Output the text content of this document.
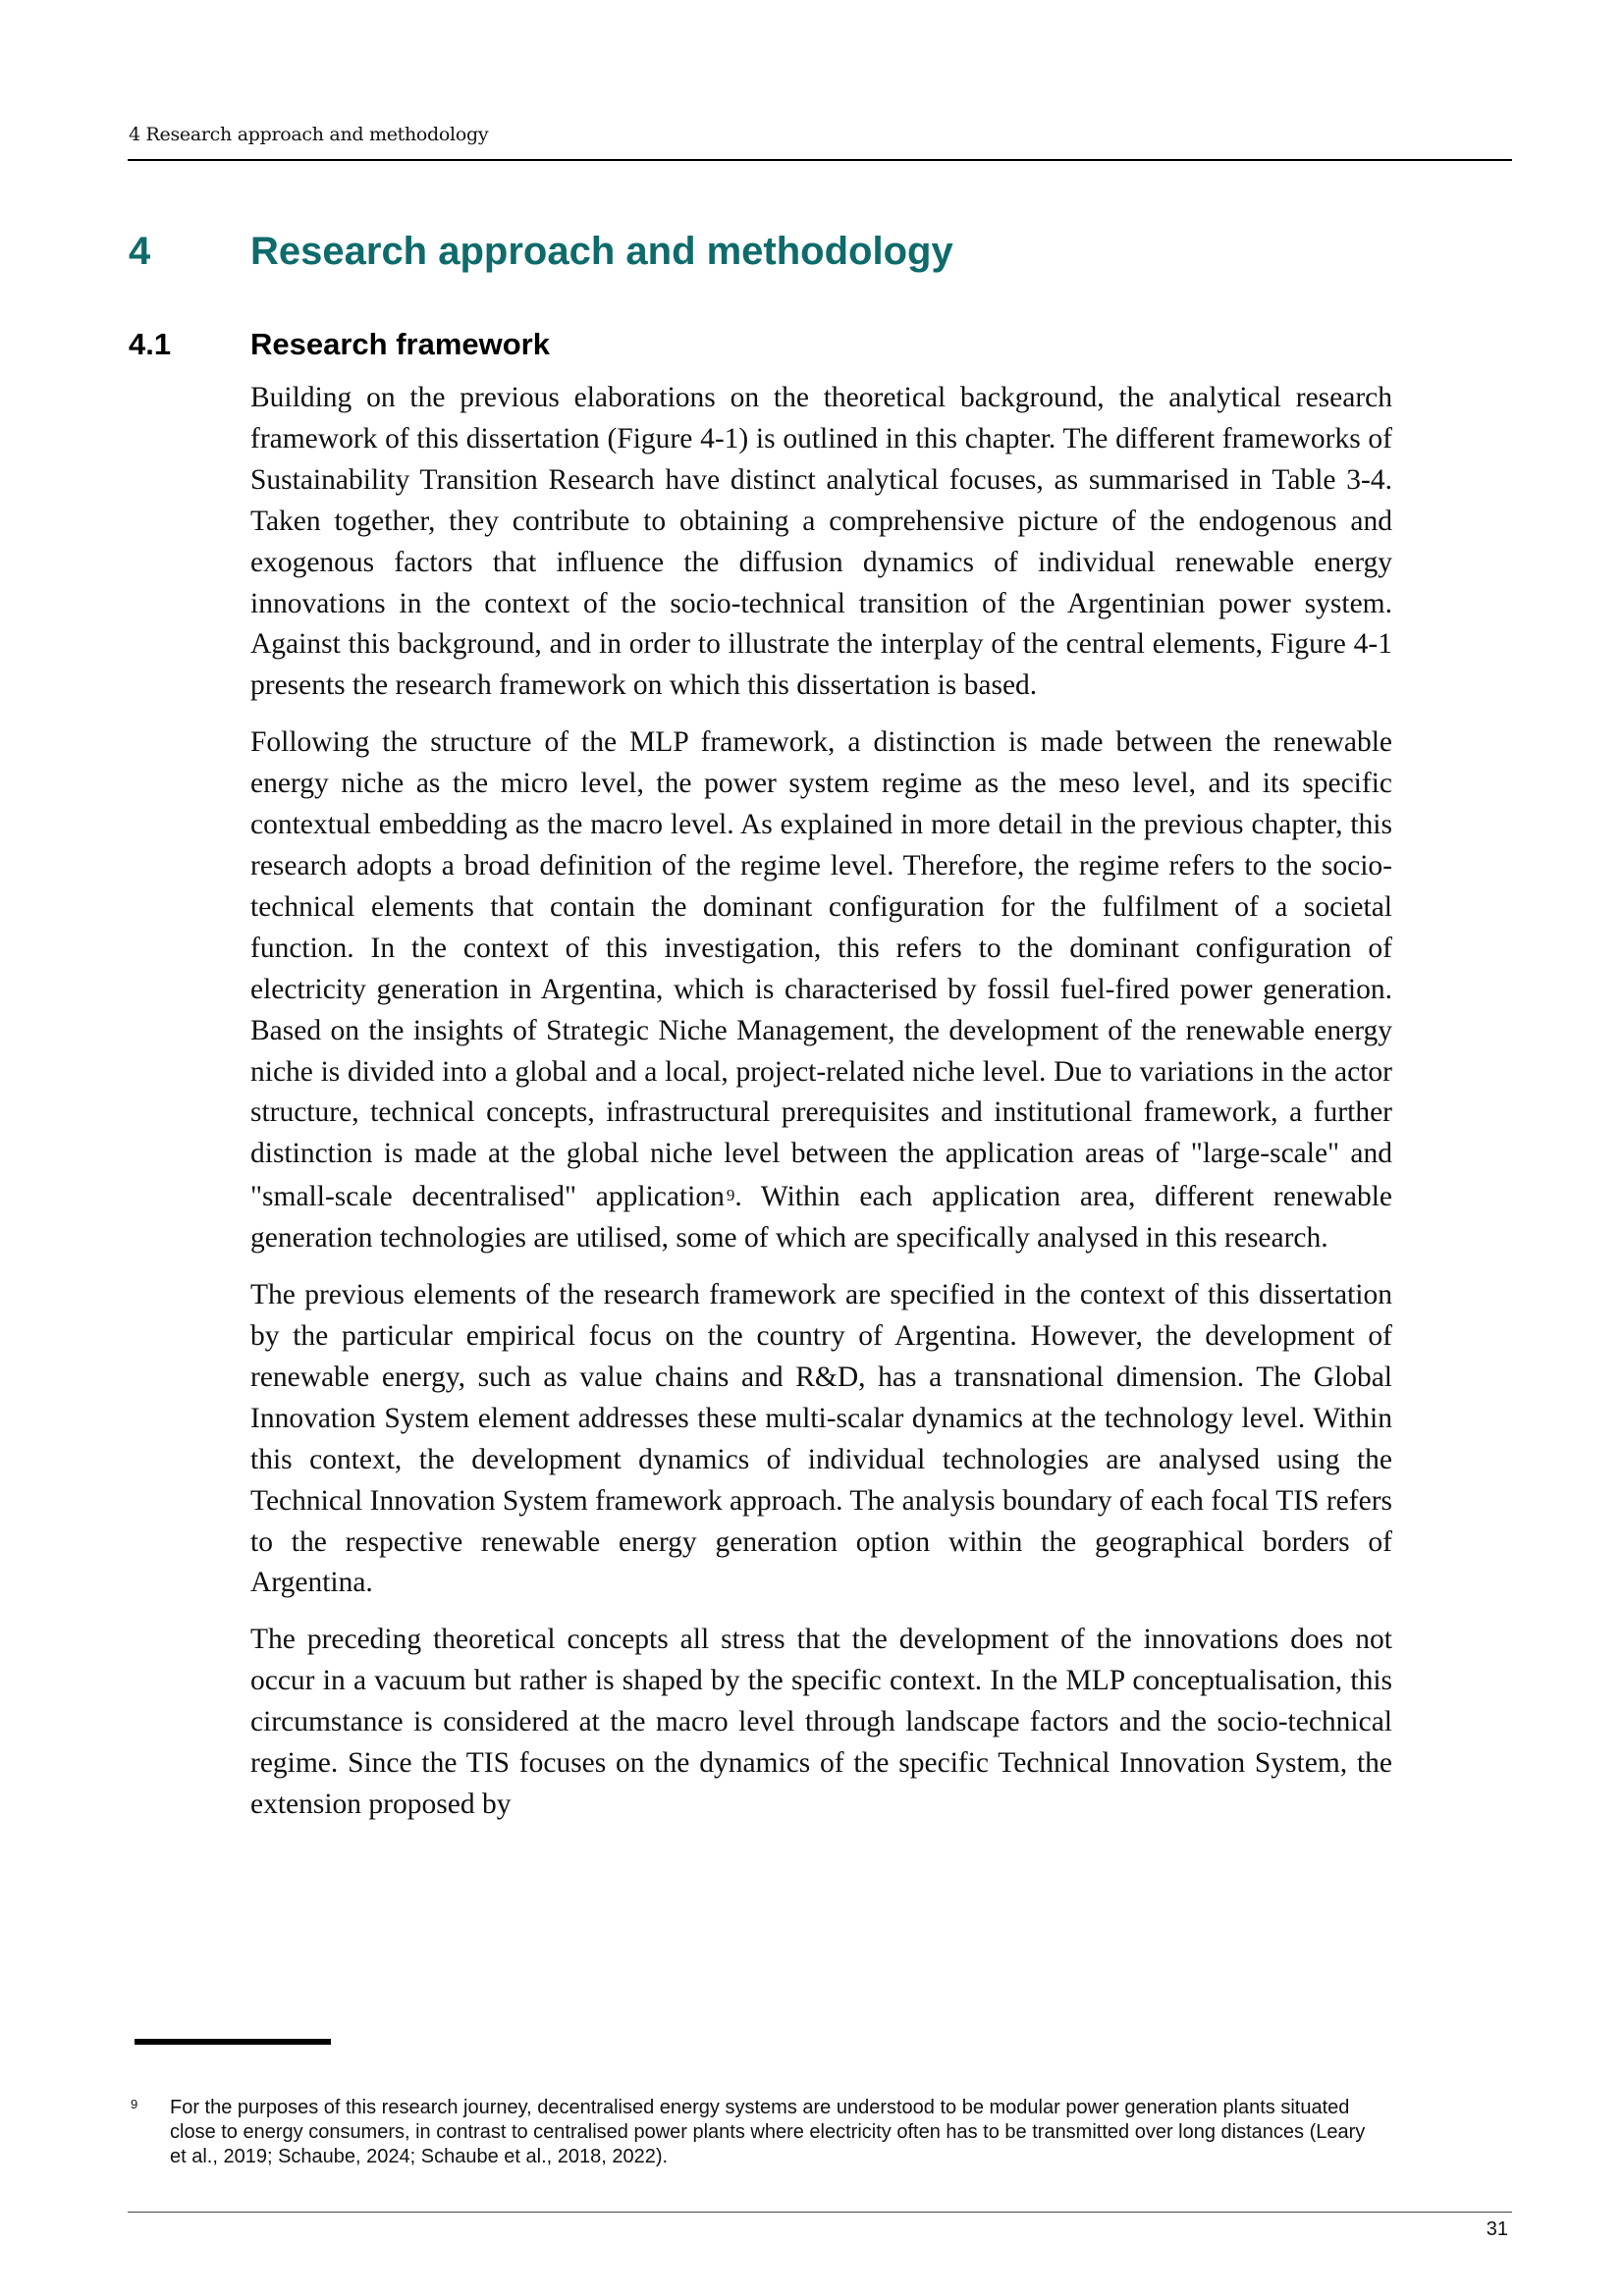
4 Research approach and methodology
4	Research approach and methodology
4.1	Research framework

Building on the previous elaborations on the theoretical background, the analytical research framework of this dissertation (Figure 4-1) is outlined in this chapter. The different frameworks of Sustainability Transition Research have distinct analytical focuses, as summarised in Table 3-4. Taken together, they contribute to obtaining a comprehensive picture of the endogenous and exogenous factors that influence the diffusion dynamics of individual renewable energy innovations in the context of the socio-technical transition of the Argentinian power system. Against this background, and in order to illustrate the interplay of the central elements, Figure 4-1 presents the research framework on which this dissertation is based.

Following the structure of the MLP framework, a distinction is made between the renewable energy niche as the micro level, the power system regime as the meso level, and its specific contextual embedding as the macro level. As explained in more detail in the previous chapter, this research adopts a broad definition of the regime level. Therefore, the regime refers to the socio-technical elements that contain the dominant configuration for the fulfilment of a societal function. In the context of this investigation, this refers to the dominant configuration of electricity generation in Argentina, which is characterised by fossil fuel-fired power generation. Based on the insights of Strategic Niche Management, the development of the renewable energy niche is divided into a global and a local, project-related niche level. Due to variations in the actor structure, technical concepts, infrastructural prerequisites and institutional framework, a further distinction is made at the global niche level between the application areas of "large-scale" and "small-scale decentralised" application 9. Within each application area, different renewable generation technologies are utilised, some of which are specifically analysed in this research.

The previous elements of the research framework are specified in the context of this dissertation by the particular empirical focus on the country of Argentina. However, the development of renewable energy, such as value chains and R&D, has a transnational dimension. The Global Innovation System element addresses these multi-scalar dynamics at the technology level. Within this context, the development dynamics of individual technologies are analysed using the Technical Innovation System framework approach. The analysis boundary of each focal TIS refers to the respective renewable energy generation option within the geographical borders of Argentina.

The preceding theoretical concepts all stress that the development of the innovations does not occur in a vacuum but rather is shaped by the specific context. In the MLP conceptualisation, this circumstance is considered at the macro level through landscape factors and the socio-technical regime. Since the TIS focuses on the dynamics of the specific Technical Innovation System, the extension proposed by

9 For the purposes of this research journey, decentralised energy systems are understood to be modular power generation plants situated close to energy consumers, in contrast to centralised power plants where electricity often has to be transmitted over long distances (Leary et al., 2019; Schaube, 2024; Schaube et al., 2018, 2022).
31
